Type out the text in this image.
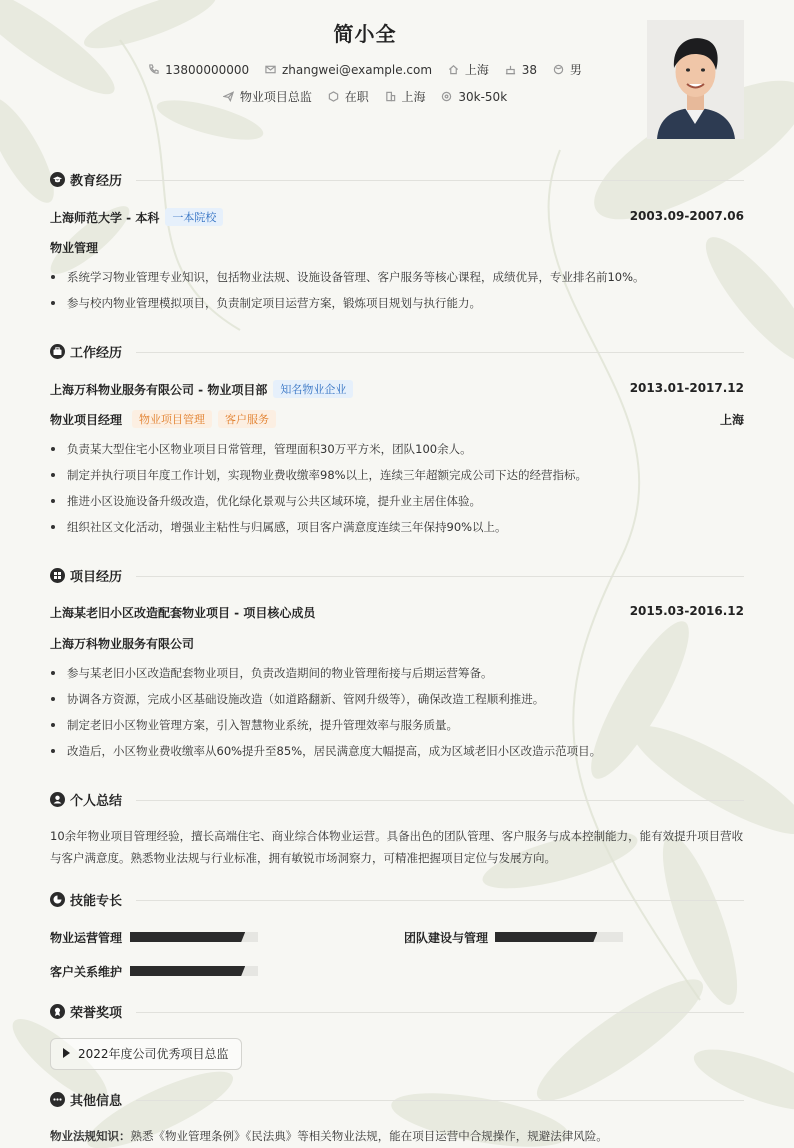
简小全
13800000000	zhangwei@example.com	上海	38	男
物业项目总监	在职	上海	30k-50k
教育经历
上海师范大学 - 本科 一本院校	2003.09-2007.06
物业管理
系统学习物业管理专业知识，包括物业法规、设施设备管理、客户服务等核心课程，成绩优异，专业排名前10%。
参与校内物业管理模拟项目，负责制定项目运营方案，锻炼项目规划与执行能力。
工作经历
上海万科物业服务有限公司 - 物业项目部 知名物业企业	2013.01-2017.12
物业项目经理 物业项目管理 客户服务	上海
负责某大型住宅小区物业项目日常管理，管理面积30万平方米，团队100余人。
制定并执行项目年度工作计划，实现物业费收缴率98%以上，连续三年超额完成公司下达的经营指标。
推进小区设施设备升级改造，优化绿化景观与公共区域环境，提升业主居住体验。
组织社区文化活动，增强业主粘性与归属感，项目客户满意度连续三年保持90%以上。
项目经历
上海某老旧小区改造配套物业项目 - 项目核心成员	2015.03-2016.12
上海万科物业服务有限公司
参与某老旧小区改造配套物业项目，负责改造期间的物业管理衔接与后期运营筹备。
协调各方资源，完成小区基础设施改造（如道路翻新、管网升级等），确保改造工程顺利推进。
制定老旧小区物业管理方案，引入智慧物业系统，提升管理效率与服务质量。
改造后，小区物业费收缴率从60%提升至85%，居民满意度大幅提高，成为区域老旧小区改造示范项目。
个人总结
10余年物业项目管理经验，擅长高端住宅、商业综合体物业运营。具备出色的团队管理、客户服务与成本控制能力，能有效提升项目营收与客户满意度。熟悉物业法规与行业标准，拥有敏锐市场洞察力，可精准把握项目定位与发展方向。
技能专长
物业运营管理	团队建设与管理
客户关系维护
荣誉奖项
2022年度公司优秀项目总监
其他信息
物业法规知识：熟悉《物业管理条例》《民法典》等相关物业法规，能在项目运营中合规操作，规避法律风险。
